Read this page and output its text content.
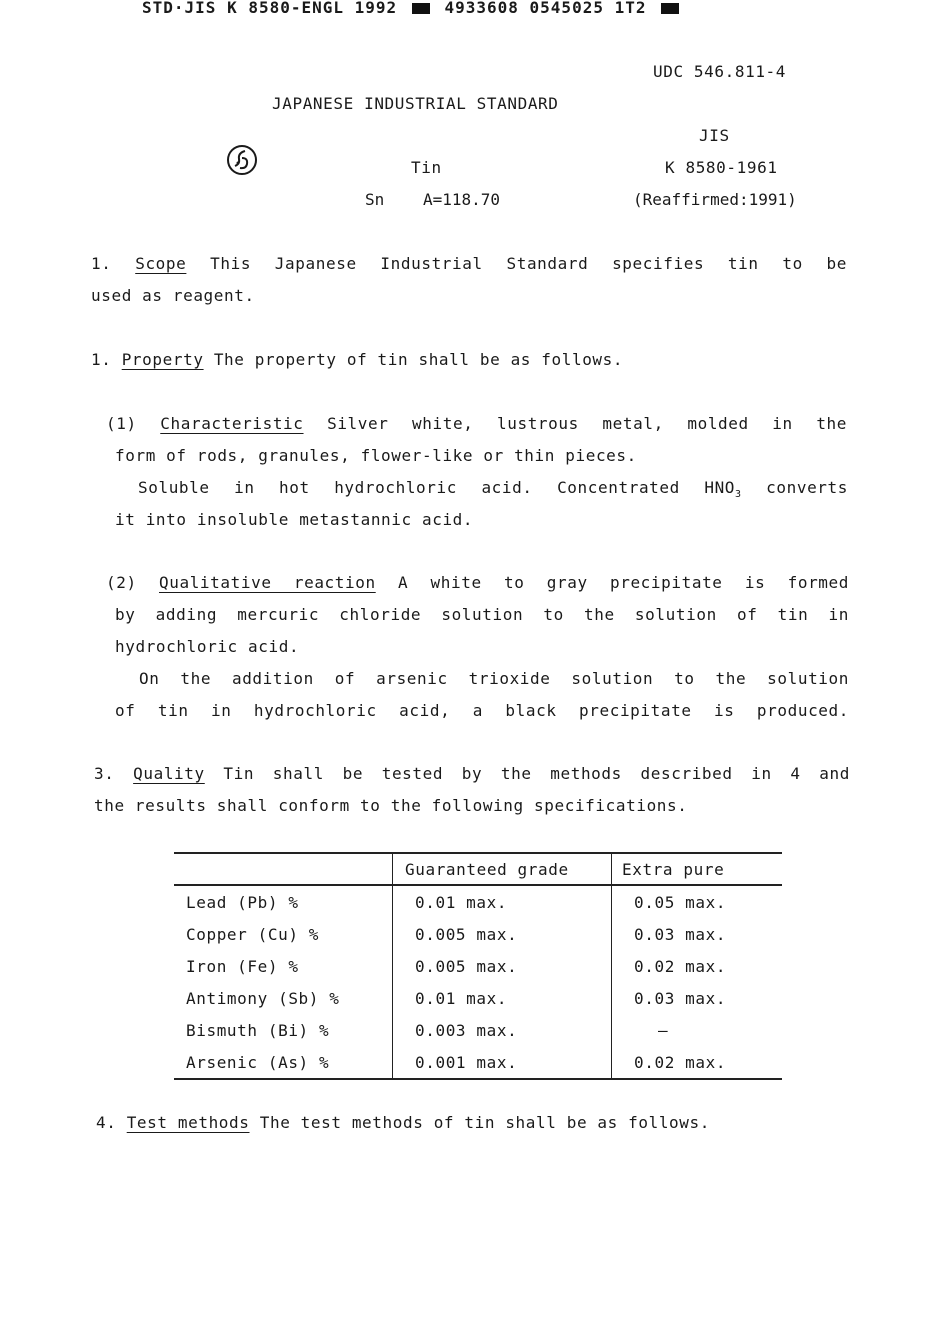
STD·JIS K 8580-ENGL 1992	4933608 0545025 1T2
UDC 546.811-4
JAPANESE INDUSTRIAL STANDARD
JIS
Tin	K 8580-1961
Sn A=118.70	(Reaffirmed:1991)
1. Scope This Japanese Industrial Standard specifies tin to be
used as reagent.
1. Property The property of tin shall be as follows.
(1) Characteristic Silver white, lustrous metal, molded in the
form of rods, granules, flower-like or thin pieces.
Soluble in hot hydrochloric acid. Concentrated $HNO_3$ converts
it into insoluble metastannic acid.
(2) Qualitative reaction A white to gray precipitate is formed
by adding mercuric chloride solution to the solution of tin in
hydrochloric acid.
On the addition of arsenic trioxide solution to the solution
of tin in hydrochloric acid, a black precipitate is produced.
3. Quality Tin shall be tested by the methods described in 4 and
the results shall conform to the following specifications.
	Guaranteed grade	Extra pure
Lead (Pb) %	0.01 max.	0.05 max.
Copper (Cu) %	0.005 max.	0.03 max.
Iron (Fe) %	0.005 max.	0.02 max.
Antimony (Sb) %	0.01 max.	0.03 max.
Bismuth (Bi) %	0.003 max.	–
Arsenic (As) %	0.001 max.	0.02 max.
4. Test methods The test methods of tin shall be as follows.
